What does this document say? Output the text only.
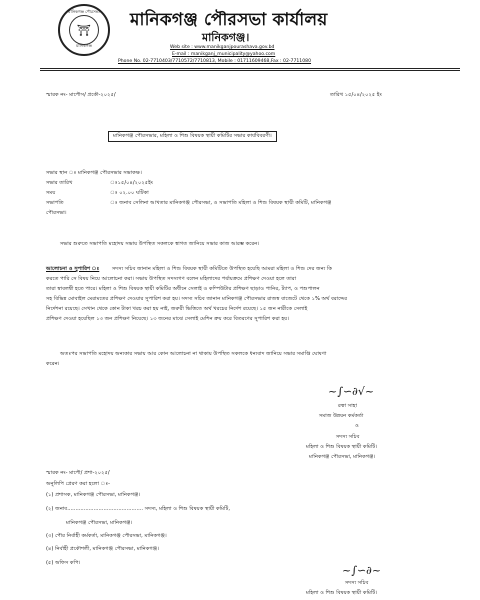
মানিকগঞ্জ পৌরসভা
⛩
মানিকগঞ্জ
মানিকগঞ্জ পৌরসভা কার্যালয়
মানিকগঞ্জ।
Web site : www.manikganjpourashava.gov.bd
E-mail : manikganj_municipality@yahoo.com
Phone No. 02-7710403/7710572/7710813, Mobile : 01711609468,Fax : 02-7711080
স্মারক নং- মাপৌস/ প্রকৌ-২০২৫/	তারিখ ১৫/০৪/২০২৫ ইং
মানিকগঞ্জ পৌরসভার, মহিলা ও শিশু বিষয়ক স্থায়ী কমিটির সভার কার্যবিবরণী।
সভার স্থান ঃ মানিকগঞ্জ পৌরসভার সভাকক্ষ।
সভার তারিখ	ঃ১৫/০৪/২০২৫ইং
সময়	ঃ ০২.০০ ঘটিকা
সভাপতি	ঃ জনাব সেলিনা আখতার মানিকগঞ্জ পৌরসভা, ও সভাপতি মহিলা ও শিশু বিষয়ক স্থায়ী কমিটি, মানিকগঞ্জ
পৌরসভা।
সভার শুরুতে সভাপতি মহোদয় সভায় উপস্থিত সকলকে স্বাগত জানিয়ে সভার কাজ আরম্ভ করেন।
আলোচনা ও সুপারিশ ঃ সদস্য সচিব জানান মহিলা ও শিশু বিষয়ক স্থায়ী কমিটিতে উপস্থিত হয়েছি আমরা মহিলা ও শিশু দের জন্য কি
করতে পারি সে বিষয় নিয়ে আলোচনা করা। সভায় উপস্থিত সদস্যগণ বলেন মহিলাদের পর্যায়ক্রমে প্রশিক্ষণ দেওয়া হলে তারা
তারা স্বাবলম্বী হতে পারে। মহিলা ও শিশু বিষয়ক স্থায়ী কমিটির অধীনে সেলাই ও কম্পিউটার প্রশিক্ষণ ছাড়াও পানির, ট্যাপ, ও পশুপালন
সহ বিভিন্ন মোবাইল মেরামতের প্রশিক্ষণ দেওয়ার সুপারিশ করা হয়। সদস্য সচিব জানান মানিকগঞ্জ পৌরসভার রাজস্ব বাজেটে থেকে ১% অর্থ বরাদ্দের
নির্দেশনা রয়েছে। সেখান থেকে কোন টাকা খরচ করা হয় নাই, জরুরী ভিত্তিতে অর্থ খরচের নির্দেশ রয়েছে। ১৫ জন নারীকে সেলাই
প্রশিক্ষণ দেওয়া হয়েছিল ১৩ জন প্রশিক্ষণ নিয়েছে। ১৩ জনের মাঝে সেলাই মেশিন ক্রয় করে বিতরণের সুপারিশ করা হয়।
অতঃপর সভাপতি মহোদয় অন্যকার সভায় আর কোন আলোচনা না থাকায় উপস্থিত সকলকে ধন্যবাদ জানিয়ে সভার সমাপ্তি ঘোষণা
করেন।
~∫∽∂√~
রত্না সাহা
সমাজ উন্নয়ন কর্মকর্তা
ও
সদস্য সচিব
মহিলা ও শিশু বিষয়ক স্থায়ী কমিটি।
মানিকগঞ্জ পৌরসভা, মানিকগঞ্জ।
স্মারক নং- মাপৌ/ প্রশা-২০২৫/
অনুলিপি প্রেরণ করা হলো ঃ-
(১) প্রশাসক, মানিকগঞ্জ পৌরসভা, মানিকগঞ্জ।
(২) জনাব.............................................. সদস্য, মহিলা ও শিশু বিষয়ক স্থায়ী কমিটি,
মানিকগঞ্জ পৌরসভা, মানিকগঞ্জ।
(৩) পৌর নির্বাহী কর্মকর্তা, মানিকগঞ্জ পৌরসভা, মানিকগঞ্জ।
(৪) নির্বাহী প্রকৌশলী, মানিকগঞ্জ পৌরসভা, মানিকগঞ্জ।
(৫) অফিস কপি।
~∫∽∂~
সদস্য সচিব
মহিলা ও শিশু বিষয়ক স্থায়ী কমিটি।
